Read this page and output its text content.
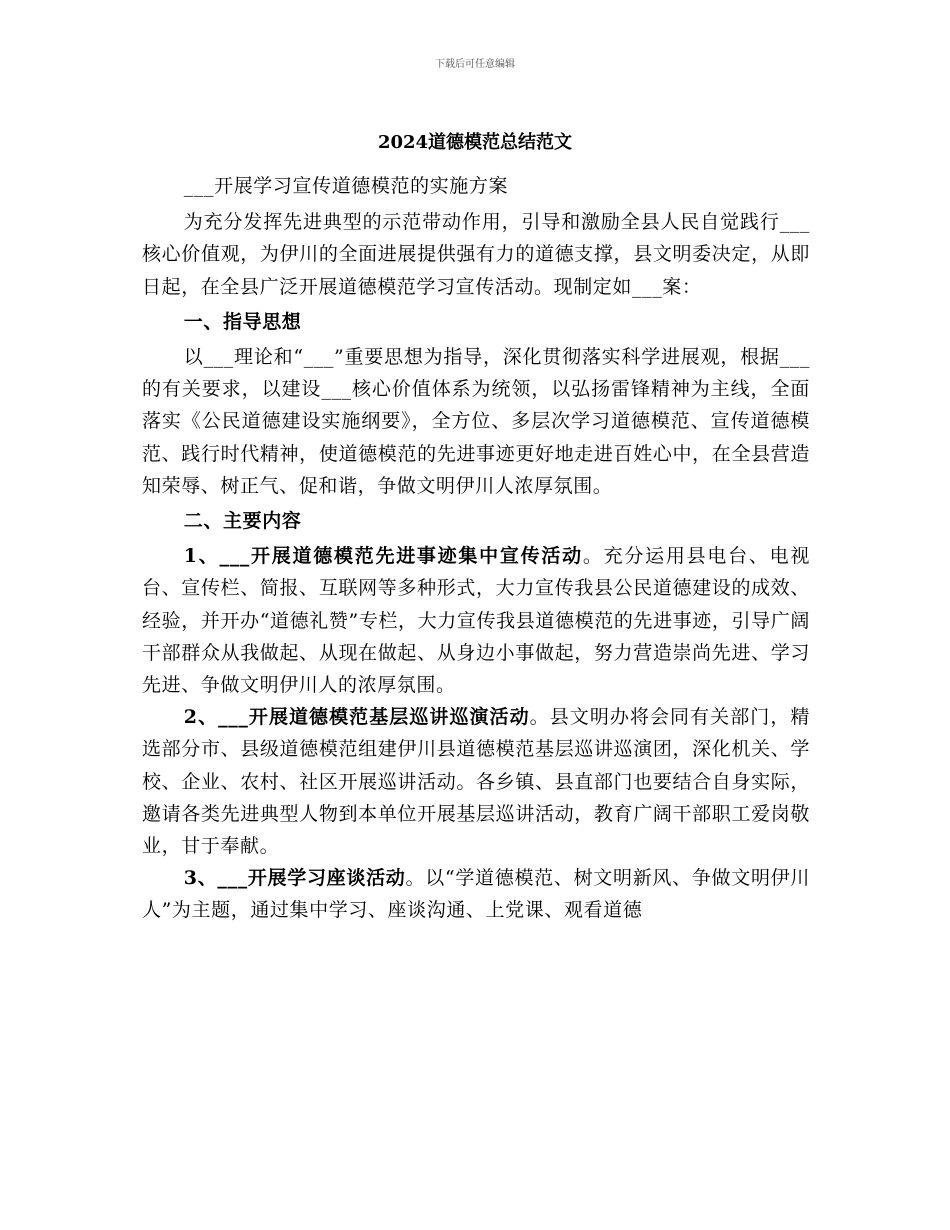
下载后可任意编辑
2024道德模范总结范文

___开展学习宣传道德模范的实施方案

为充分发挥先进典型的示范带动作用，引导和激励全县人民自觉践行___核心价值观，为伊川的全面进展提供强有力的道德支撑，县文明委决定，从即日起，在全县广泛开展道德模范学习宣传活动。现制定如___案：

一、指导思想

以___理论和“___”重要思想为指导，深化贯彻落实科学进展观，根据___的有关要求，以建设___核心价值体系为统领，以弘扬雷锋精神为主线，全面落实《公民道德建设实施纲要》，全方位、多层次学习道德模范、宣传道德模范、践行时代精神，使道德模范的先进事迹更好地走进百姓心中，在全县营造知荣辱、树正气、促和谐，争做文明伊川人浓厚氛围。

二、主要内容

1、___开展道德模范先进事迹集中宣传活动。充分运用县电台、电视台、宣传栏、简报、互联网等多种形式，大力宣传我县公民道德建设的成效、经验，并开办“道德礼赞”专栏，大力宣传我县道德模范的先进事迹，引导广阔干部群众从我做起、从现在做起、从身边小事做起，努力营造崇尚先进、学习先进、争做文明伊川人的浓厚氛围。

2、___开展道德模范基层巡讲巡演活动。县文明办将会同有关部门，精选部分市、县级道德模范组建伊川县道德模范基层巡讲巡演团，深化机关、学校、企业、农村、社区开展巡讲活动。各乡镇、县直部门也要结合自身实际，邀请各类先进典型人物到本单位开展基层巡讲活动，教育广阔干部职工爱岗敬业，甘于奉献。

3、___开展学习座谈活动。以“学道德模范、树文明新风、争做文明伊川人”为主题，通过集中学习、座谈沟通、上党课、观看道德
